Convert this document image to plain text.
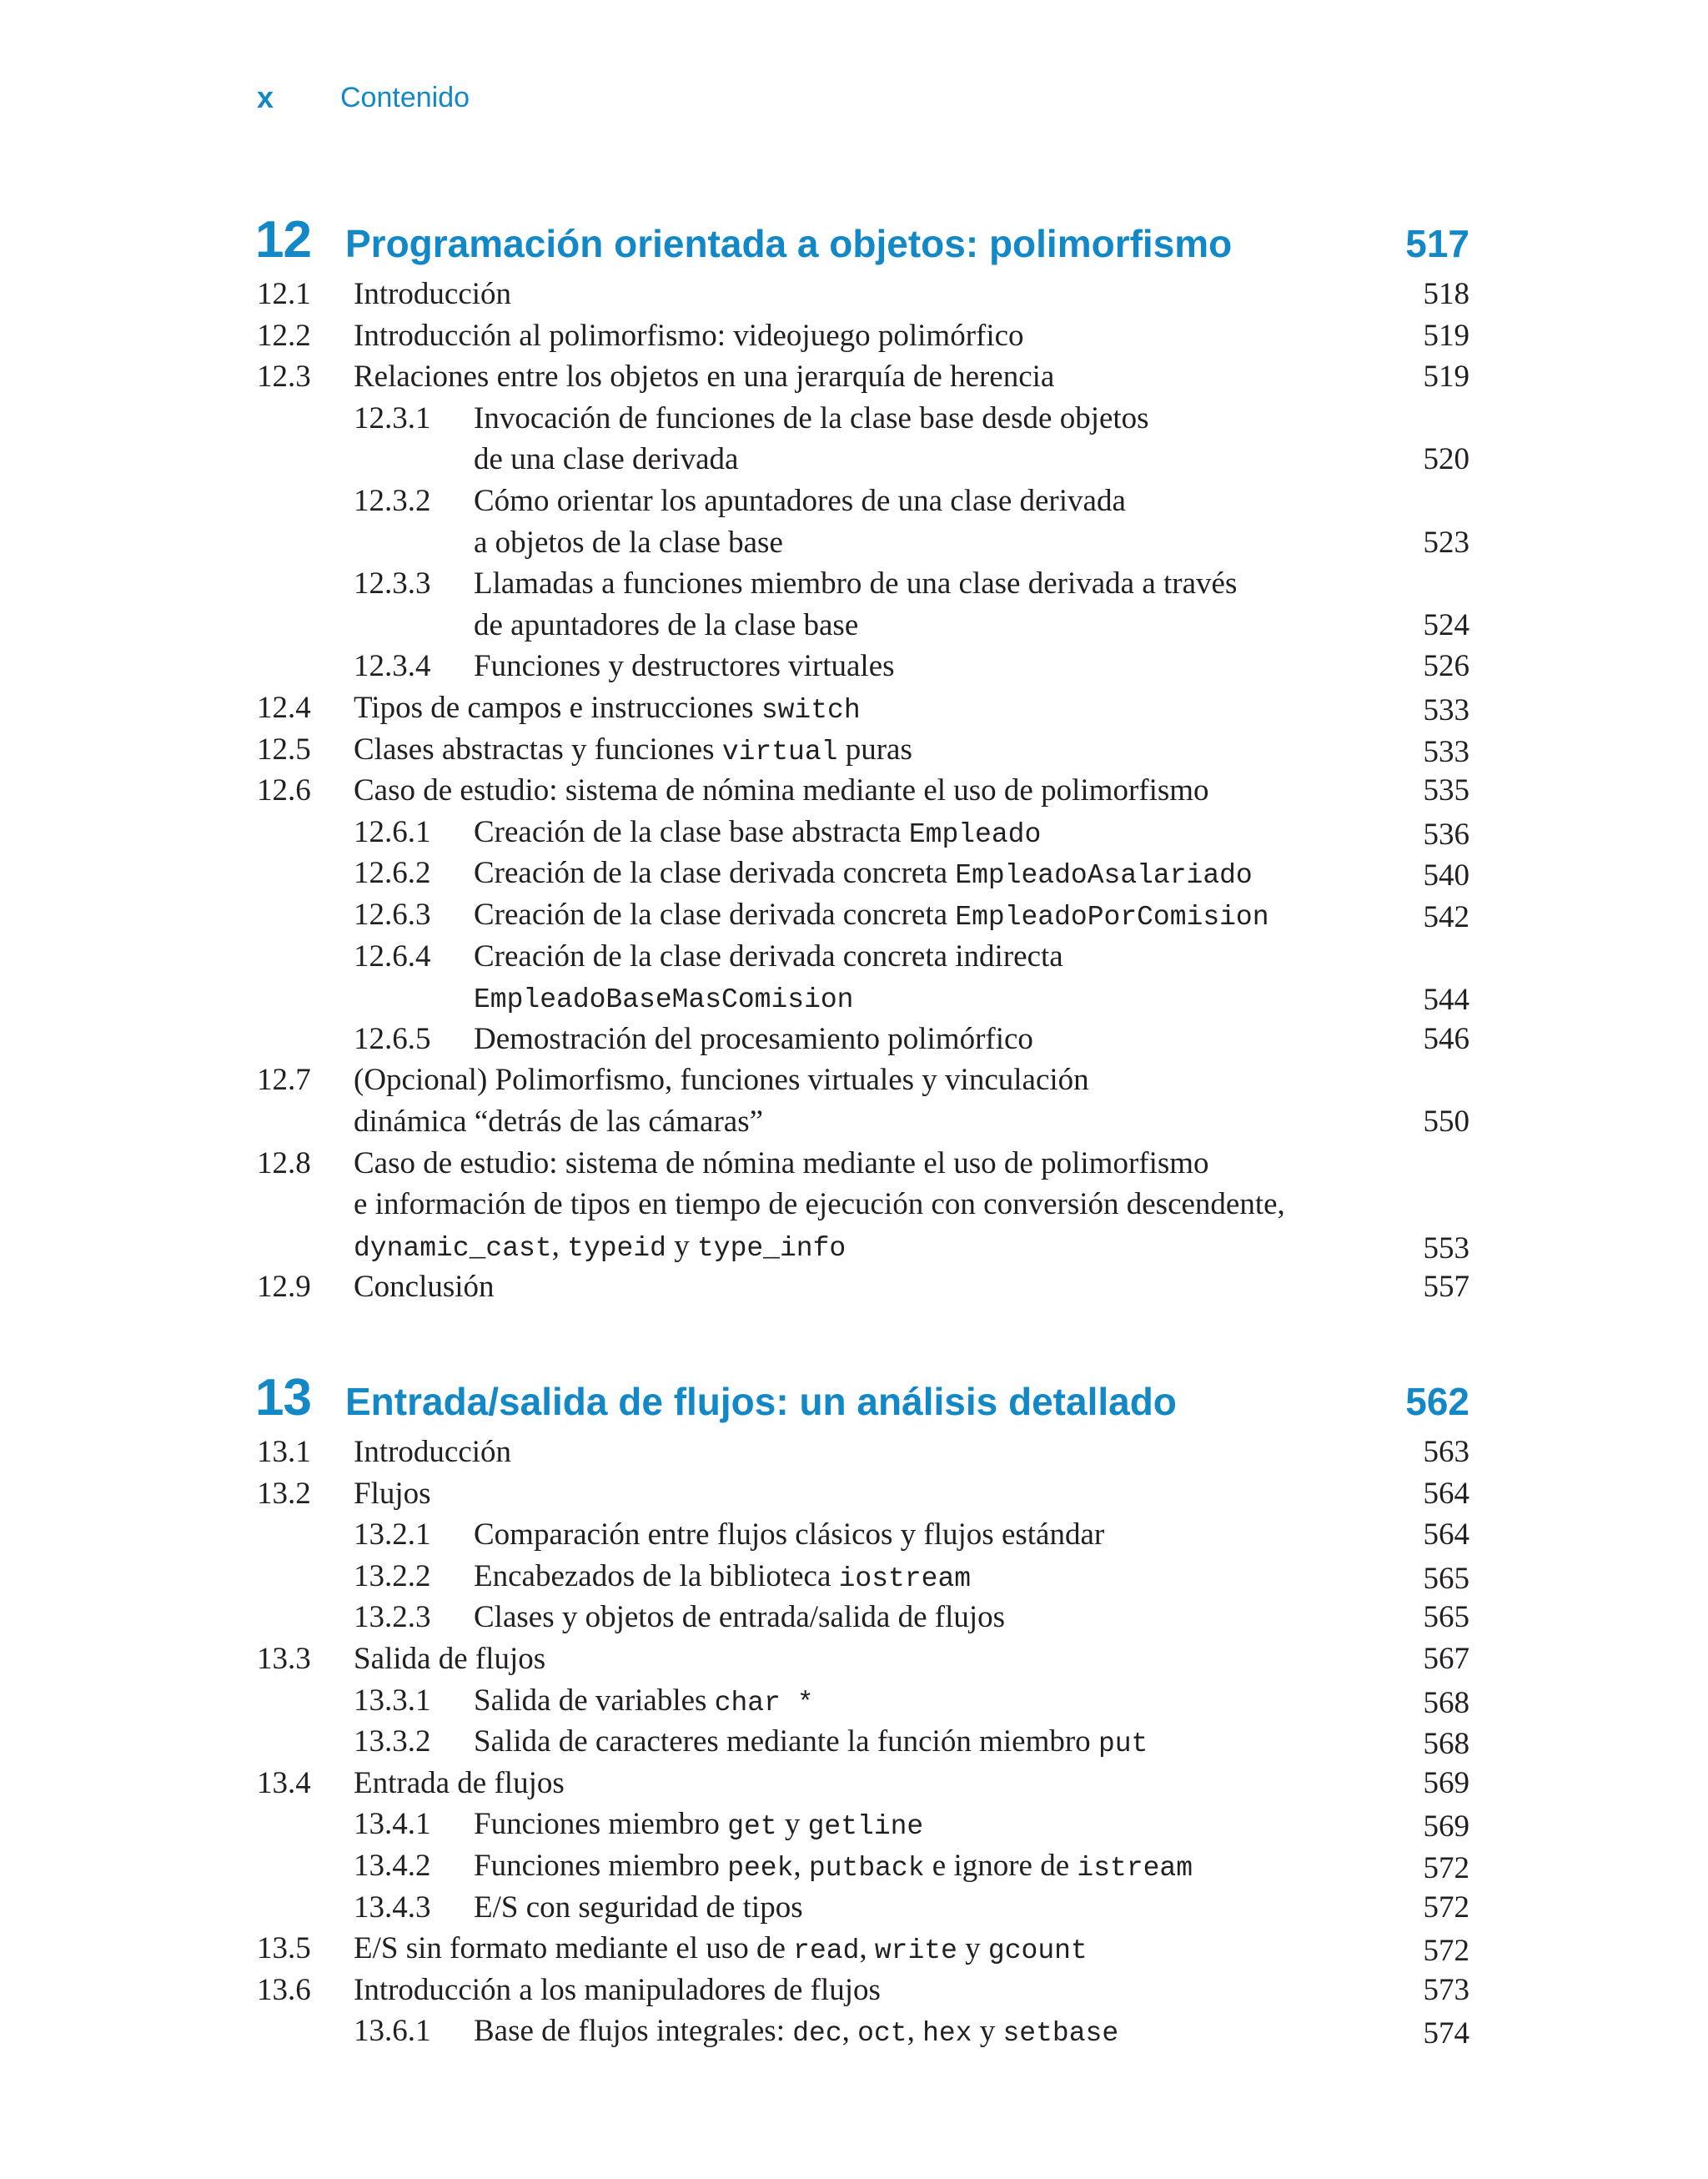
x	Contenido
12 Programación orientada a objetos: polimorfismo	517
12.1	Introducción	518
12.2	Introducción al polimorfismo: videojuego polimórfico	519
12.3	Relaciones entre los objetos en una jerarquía de herencia	519
12.3.1	Invocación de funciones de la clase base desde objetos
de una clase derivada	520
12.3.2	Cómo orientar los apuntadores de una clase derivada
a objetos de la clase base	523
12.3.3	Llamadas a funciones miembro de una clase derivada a través
de apuntadores de la clase base	524
12.3.4	Funciones y destructores virtuales	526
12.4	Tipos de campos e instrucciones switch	533
12.5	Clases abstractas y funciones virtual puras	533
12.6	Caso de estudio: sistema de nómina mediante el uso de polimorfismo	535
12.6.1	Creación de la clase base abstracta Empleado	536
12.6.2	Creación de la clase derivada concreta EmpleadoAsalariado	540
12.6.3	Creación de la clase derivada concreta EmpleadoPorComision	542
12.6.4	Creación de la clase derivada concreta indirecta
EmpleadoBaseMasComision	544
12.6.5	Demostración del procesamiento polimórfico	546
12.7	(Opcional) Polimorfismo, funciones virtuales y vinculación
dinámica “detrás de las cámaras”	550
12.8	Caso de estudio: sistema de nómina mediante el uso de polimorfismo
e información de tipos en tiempo de ejecución con conversión descendente,
dynamic_cast, typeid y type_info	553
12.9	Conclusión	557
13 Entrada/salida de flujos: un análisis detallado	562
13.1	Introducción	563
13.2	Flujos	564
13.2.1	Comparación entre flujos clásicos y flujos estándar	564
13.2.2	Encabezados de la biblioteca iostream	565
13.2.3	Clases y objetos de entrada/salida de flujos	565
13.3	Salida de flujos	567
13.3.1	Salida de variables char *	568
13.3.2	Salida de caracteres mediante la función miembro put	568
13.4	Entrada de flujos	569
13.4.1	Funciones miembro get y getline	569
13.4.2	Funciones miembro peek, putback e ignore de istream	572
13.4.3	E/S con seguridad de tipos	572
13.5	E/S sin formato mediante el uso de read, write y gcount	572
13.6	Introducción a los manipuladores de flujos	573
13.6.1	Base de flujos integrales: dec, oct, hex y setbase	574
